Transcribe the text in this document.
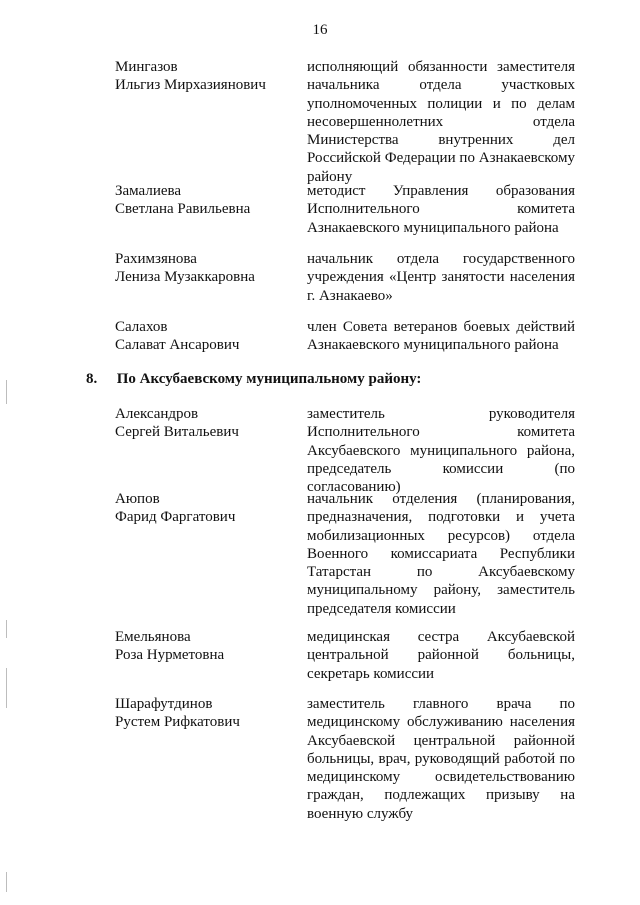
16
Мингазов
Ильгиз Мирхазиянович
исполняющий обязанности заместителя начальника отдела участковых уполномоченных полиции и по делам несовершеннолетних отдела Министерства внутренних дел Российской Федерации по Азнакаевскому району
Замалиева
Светлана Равильевна
методист Управления образования Исполнительного комитета Азнакаевского муниципального района
Рахимзянова
Лениза Музаккаровна
начальник отдела государственного учреждения «Центр занятости населения г. Азнакаево»
Салахов
Салават Ансарович
член Совета ветеранов боевых действий Азнакаевского муниципального района
8. По Аксубаевскому муниципальному району:
Александров
Сергей Витальевич
заместитель руководителя Исполнительного комитета Аксубаевского муниципального района, председатель комиссии (по согласованию)
Аюпов
Фарид Фаргатович
начальник отделения (планирования, предназначения, подготовки и учета мобилизационных ресурсов) отдела Военного комиссариата Республики Татарстан по Аксубаевскому муниципальному району, заместитель председателя комиссии
Емельянова
Роза Нурметовна
медицинская сестра Аксубаевской центральной районной больницы, секретарь комиссии
Шарафутдинов
Рустем Рифкатович
заместитель главного врача по медицинскому обслуживанию населения Аксубаевской центральной районной больницы, врач, руководящий работой по медицинскому освидетельствованию граждан, подлежащих призыву на военную службу
